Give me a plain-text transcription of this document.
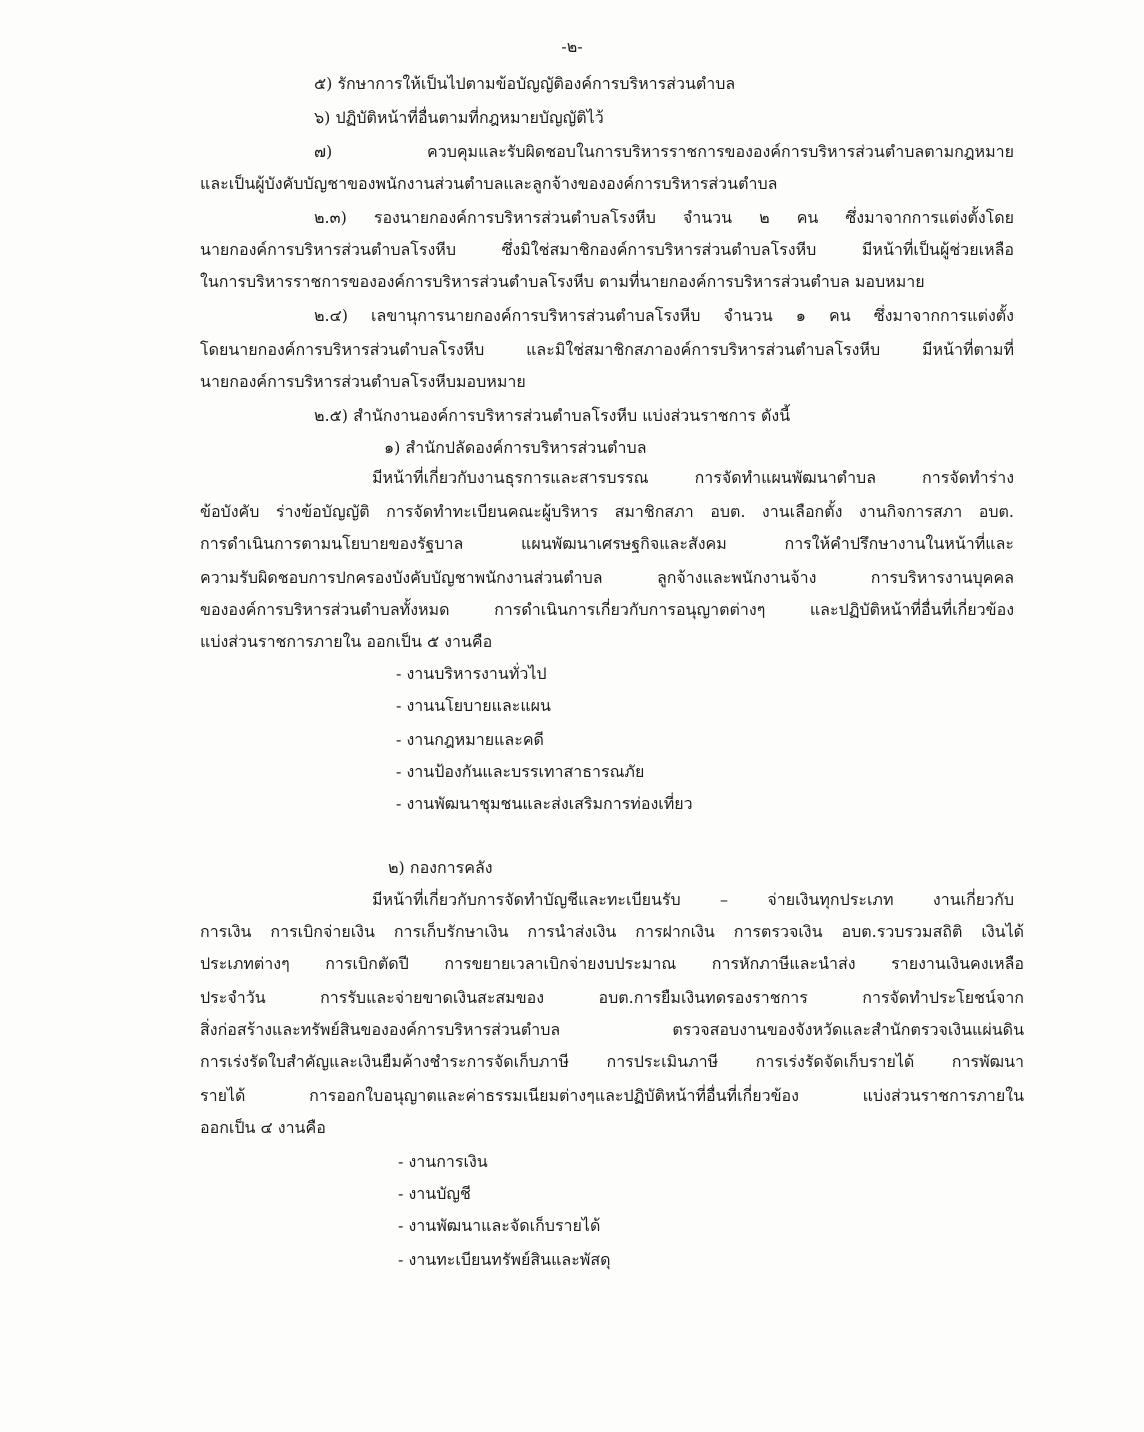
-๒-
๕) รักษาการให้เป็นไปตามข้อบัญญัติองค์การบริหารส่วนตำบล
๖) ปฏิบัติหน้าที่อื่นตามที่กฎหมายบัญญัติไว้
๗) ควบคุมและรับผิดชอบในการบริหารราชการขององค์การบริหารส่วนตำบลตามกฎหมาย
และเป็นผู้บังคับบัญชาของพนักงานส่วนตำบลและลูกจ้างขององค์การบริหารส่วนตำบล
๒.๓) รองนายกองค์การบริหารส่วนตำบลโรงหีบ จำนวน ๒ คน ซึ่งมาจากการแต่งตั้งโดย
นายกองค์การบริหารส่วนตำบลโรงหีบ ซึ่งมิใช่สมาชิกองค์การบริหารส่วนตำบลโรงหีบ มีหน้าที่เป็นผู้ช่วยเหลือ
ในการบริหารราชการขององค์การบริหารส่วนตำบลโรงหีบ ตามที่นายกองค์การบริหารส่วนตำบล มอบหมาย
๒.๔) เลขานุการนายกองค์การบริหารส่วนตำบลโรงหีบ จำนวน ๑ คน ซึ่งมาจากการแต่งตั้ง
โดยนายกองค์การบริหารส่วนตำบลโรงหีบ และมิใช่สมาชิกสภาองค์การบริหารส่วนตำบลโรงหีบ มีหน้าที่ตามที่
นายกองค์การบริหารส่วนตำบลโรงหีบมอบหมาย
๒.๕) สำนักงานองค์การบริหารส่วนตำบลโรงหีบ แบ่งส่วนราชการ ดังนี้
๑) สำนักปลัดองค์การบริหารส่วนตำบล
มีหน้าที่เกี่ยวกับงานธุรการและสารบรรณ การจัดทำแผนพัฒนาตำบล การจัดทำร่าง
ข้อบังคับ ร่างข้อบัญญัติ การจัดทำทะเบียนคณะผู้บริหาร สมาชิกสภา อบต. งานเลือกตั้ง งานกิจการสภา อบต.
การดำเนินการตามนโยบายของรัฐบาล แผนพัฒนาเศรษฐกิจและสังคม การให้คำปรึกษางานในหน้าที่และ
ความรับผิดชอบการปกครองบังคับบัญชาพนักงานส่วนตำบล ลูกจ้างและพนักงานจ้าง การบริหารงานบุคคล
ขององค์การบริหารส่วนตำบลทั้งหมด การดำเนินการเกี่ยวกับการอนุญาตต่างๆ และปฏิบัติหน้าที่อื่นที่เกี่ยวข้อง
แบ่งส่วนราชการภายใน ออกเป็น ๕ งานคือ
- งานบริหารงานทั่วไป
- งานนโยบายและแผน
- งานกฎหมายและคดี
- งานป้องกันและบรรเทาสาธารณภัย
- งานพัฒนาชุมชนและส่งเสริมการท่องเที่ยว
๒) กองการคลัง
มีหน้าที่เกี่ยวกับการจัดทำบัญชีและทะเบียนรับ – จ่ายเงินทุกประเภท งานเกี่ยวกับ
การเงิน การเบิกจ่ายเงิน การเก็บรักษาเงิน การนำส่งเงิน การฝากเงิน การตรวจเงิน อบต.รวบรวมสถิติ เงินได้
ประเภทต่างๆ การเบิกตัดปี การขยายเวลาเบิกจ่ายงบประมาณ การหักภาษีและนำส่ง รายงานเงินคงเหลือ
ประจำวัน การรับและจ่ายขาดเงินสะสมของ อบต.การยืมเงินทดรองราชการ การจัดทำประโยชน์จาก
สิ่งก่อสร้างและทรัพย์สินขององค์การบริหารส่วนตำบล ตรวจสอบงานของจังหวัดและสำนักตรวจเงินแผ่นดิน
การเร่งรัดใบสำคัญและเงินยืมค้างชำระการจัดเก็บภาษี การประเมินภาษี การเร่งรัดจัดเก็บรายได้ การพัฒนา
รายได้ การออกใบอนุญาตและค่าธรรมเนียมต่างๆและปฏิบัติหน้าที่อื่นที่เกี่ยวข้อง แบ่งส่วนราชการภายใน
ออกเป็น ๔ งานคือ
- งานการเงิน
- งานบัญชี
- งานพัฒนาและจัดเก็บรายได้
- งานทะเบียนทรัพย์สินและพัสดุ
